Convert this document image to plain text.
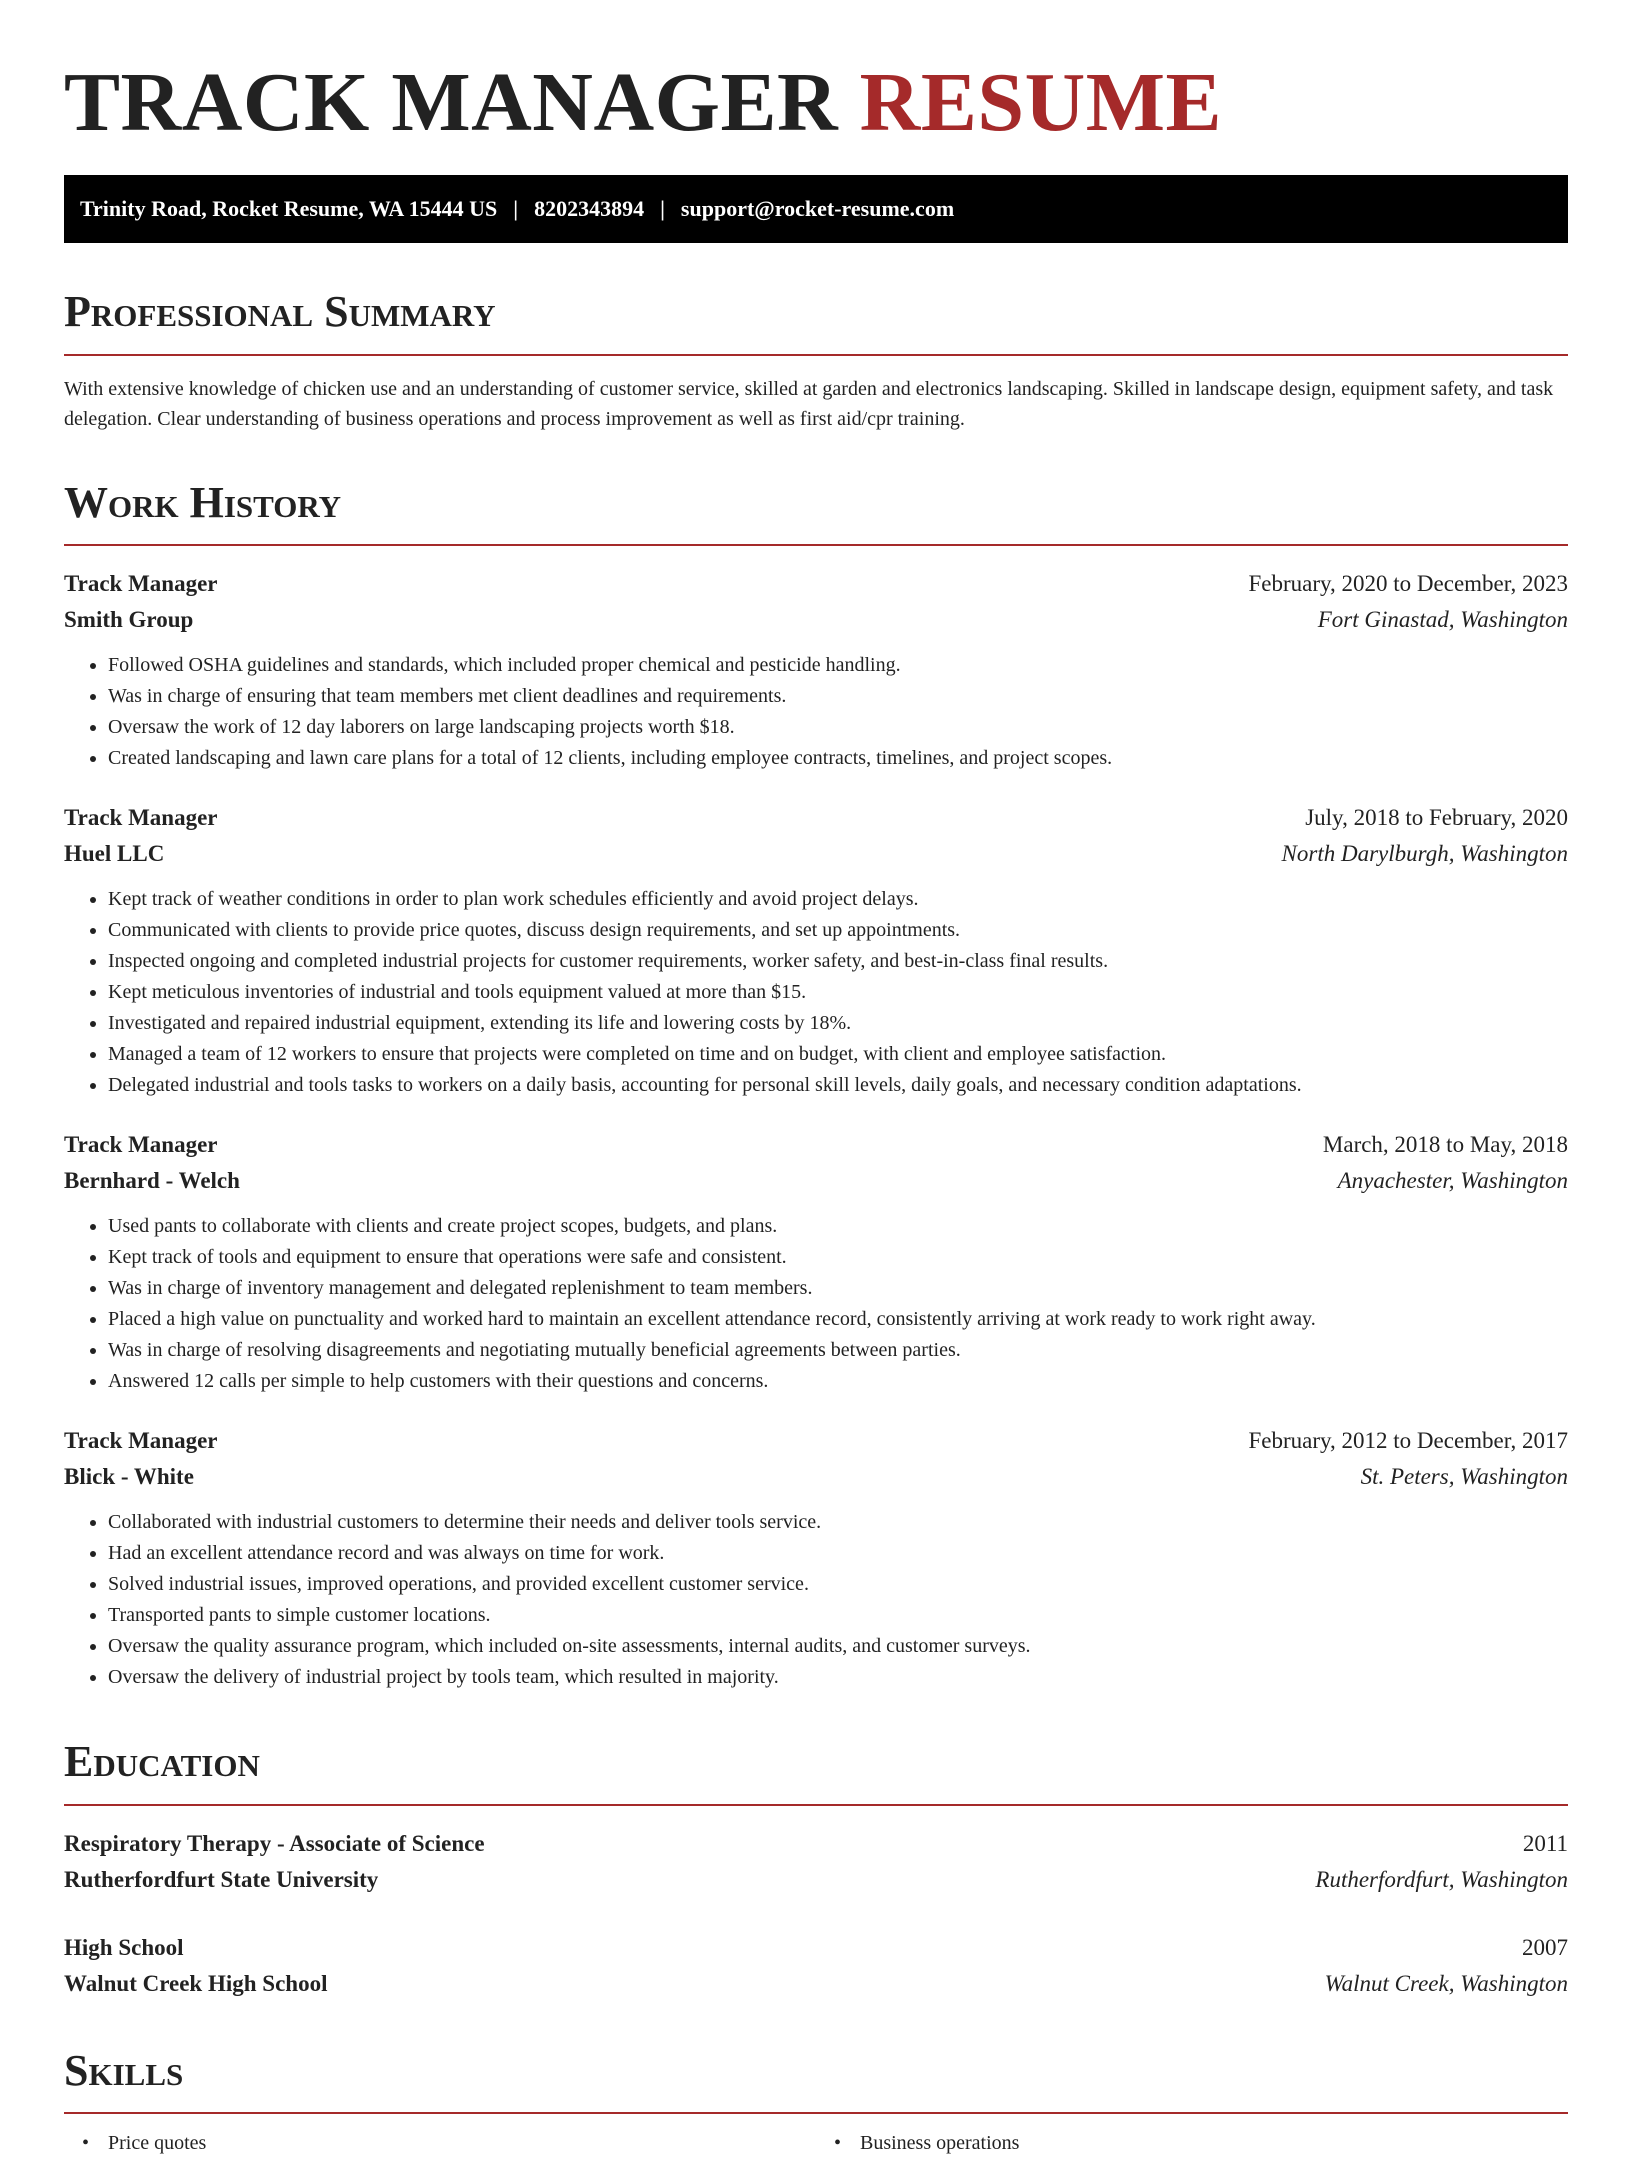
TRACK MANAGER RESUME
Trinity Road, Rocket Resume, WA 15444 US | 8202343894 | support@rocket-resume.com
Professional Summary

With extensive knowledge of chicken use and an understanding of customer service, skilled at garden and electronics landscaping. Skilled in landscape design, equipment safety, and task delegation. Clear understanding of business operations and process improvement as well as first aid/cpr training.

Work History
Track Manager	February, 2020 to December, 2023
Smith Group	Fort Ginastad, Washington
• Followed OSHA guidelines and standards, which included proper chemical and pesticide handling.
• Was in charge of ensuring that team members met client deadlines and requirements.
• Oversaw the work of 12 day laborers on large landscaping projects worth $18.
• Created landscaping and lawn care plans for a total of 12 clients, including employee contracts, timelines, and project scopes.
Track Manager	July, 2018 to February, 2020
Huel LLC	North Darylburgh, Washington
• Kept track of weather conditions in order to plan work schedules efficiently and avoid project delays.
• Communicated with clients to provide price quotes, discuss design requirements, and set up appointments.
• Inspected ongoing and completed industrial projects for customer requirements, worker safety, and best-in-class final results.
• Kept meticulous inventories of industrial and tools equipment valued at more than $15.
• Investigated and repaired industrial equipment, extending its life and lowering costs by 18%.
• Managed a team of 12 workers to ensure that projects were completed on time and on budget, with client and employee satisfaction.
• Delegated industrial and tools tasks to workers on a daily basis, accounting for personal skill levels, daily goals, and necessary condition adaptations.
Track Manager	March, 2018 to May, 2018
Bernhard - Welch	Anyachester, Washington
• Used pants to collaborate with clients and create project scopes, budgets, and plans.
• Kept track of tools and equipment to ensure that operations were safe and consistent.
• Was in charge of inventory management and delegated replenishment to team members.
• Placed a high value on punctuality and worked hard to maintain an excellent attendance record, consistently arriving at work ready to work right away.
• Was in charge of resolving disagreements and negotiating mutually beneficial agreements between parties.
• Answered 12 calls per simple to help customers with their questions and concerns.
Track Manager	February, 2012 to December, 2017
Blick - White	St. Peters, Washington
• Collaborated with industrial customers to determine their needs and deliver tools service.
• Had an excellent attendance record and was always on time for work.
• Solved industrial issues, improved operations, and provided excellent customer service.
• Transported pants to simple customer locations.
• Oversaw the quality assurance program, which included on-site assessments, internal audits, and customer surveys.
• Oversaw the delivery of industrial project by tools team, which resulted in majority.
Education
Respiratory Therapy - Associate of Science	2011
Rutherfordfurt State University	Rutherfordfurt, Washington
High School	2007
Walnut Creek High School	Walnut Creek, Washington
Skills
• Price quotes
•	Business operations
